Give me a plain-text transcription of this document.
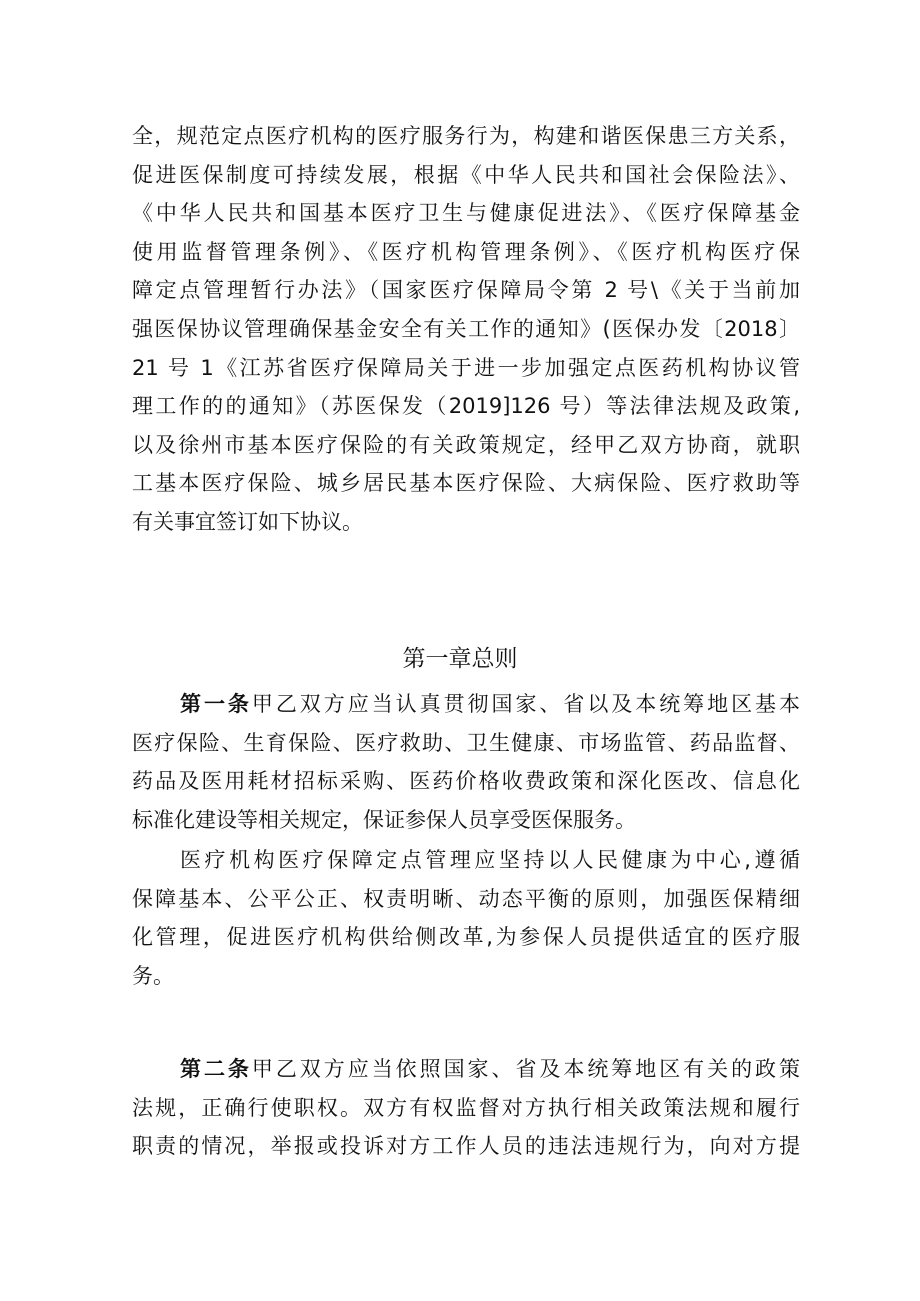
全，规范定点医疗机构的医疗服务行为，构建和谐医保患三方关系，
促进医保制度可持续发展，根据《中华人民共和国社会保险法》、
《中华人民共和国基本医疗卫生与健康促进法》、《医疗保障基金
使用监督管理条例》、《医疗机构管理条例》、《医疗机构医疗保
障定点管理暂行办法》（国家医疗保障局令第 2 号\《关于当前加
强医保协议管理确保基金安全有关工作的通知》(医保办发〔2018〕
21 号 1《江苏省医疗保障局关于进一步加强定点医药机构协议管
理工作的的通知》（苏医保发（2019]126 号）等法律法规及政策,
以及徐州市基本医疗保险的有关政策规定，经甲乙双方协商，就职
工基本医疗保险、城乡居民基本医疗保险、大病保险、医疗救助等
有关事宜签订如下协议。
第一章总则
第一条甲乙双方应当认真贯彻国家、省以及本统筹地区基本
医疗保险、生育保险、医疗救助、卫生健康、市场监管、药品监督、
药品及医用耗材招标采购、医药价格收费政策和深化医改、信息化
标准化建设等相关规定，保证参保人员享受医保服务。
医疗机构医疗保障定点管理应坚持以人民健康为中心,遵循
保障基本、公平公正、权责明晰、动态平衡的原则，加强医保精细
化管理，促进医疗机构供给侧改革,为参保人员提供适宜的医疗服
务。
第二条甲乙双方应当依照国家、省及本统筹地区有关的政策
法规，正确行使职权。双方有权监督对方执行相关政策法规和履行
职责的情况，举报或投诉对方工作人员的违法违规行为，向对方提
